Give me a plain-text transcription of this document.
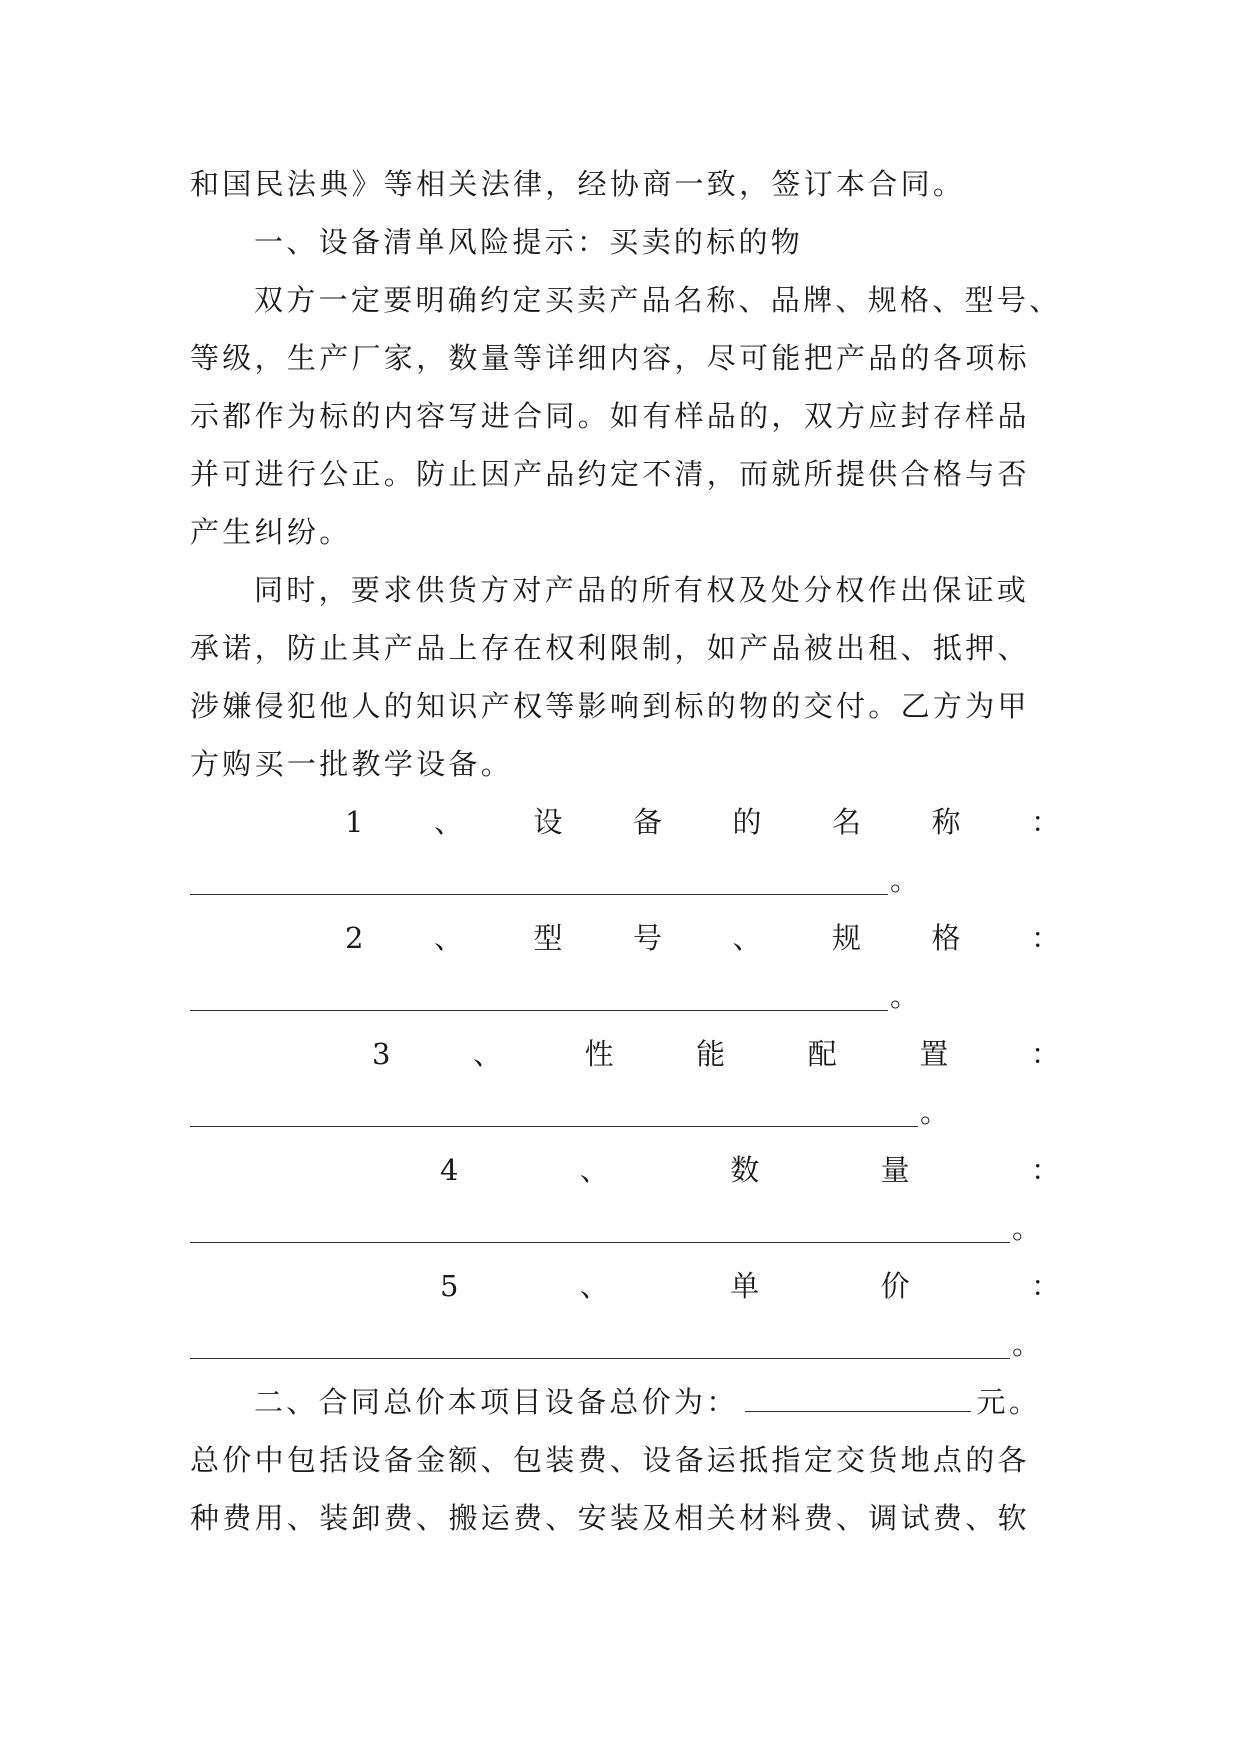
和国民法典》等相关法律，经协商一致，签订本合同。
一、设备清单风险提示：买卖的标的物
双方一定要明确约定买卖产品名称、品牌、规格、型号、
等级，生产厂家，数量等详细内容，尽可能把产品的各项标
示都作为标的内容写进合同。如有样品的，双方应封存样品
并可进行公正。防止因产品约定不清，而就所提供合格与否
产生纠纷。
同时，要求供货方对产品的所有权及处分权作出保证或
承诺，防止其产品上存在权利限制，如产品被出租、抵押、
涉嫌侵犯他人的知识产权等影响到标的物的交付。乙方为甲
方购买一批教学设备。
1 、 设 备 的 名 称 ：
。
2 、 型 号 、 规 格 ：
。
3	、	性	能	配	置	：
。
4	、	数	量	：
。
5	、	单	价	：
。
二、合同总价本项目设备总价为：	元。
总价中包括设备金额、包装费、设备运抵指定交货地点的各
种费用、装卸费、搬运费、安装及相关材料费、调试费、软
